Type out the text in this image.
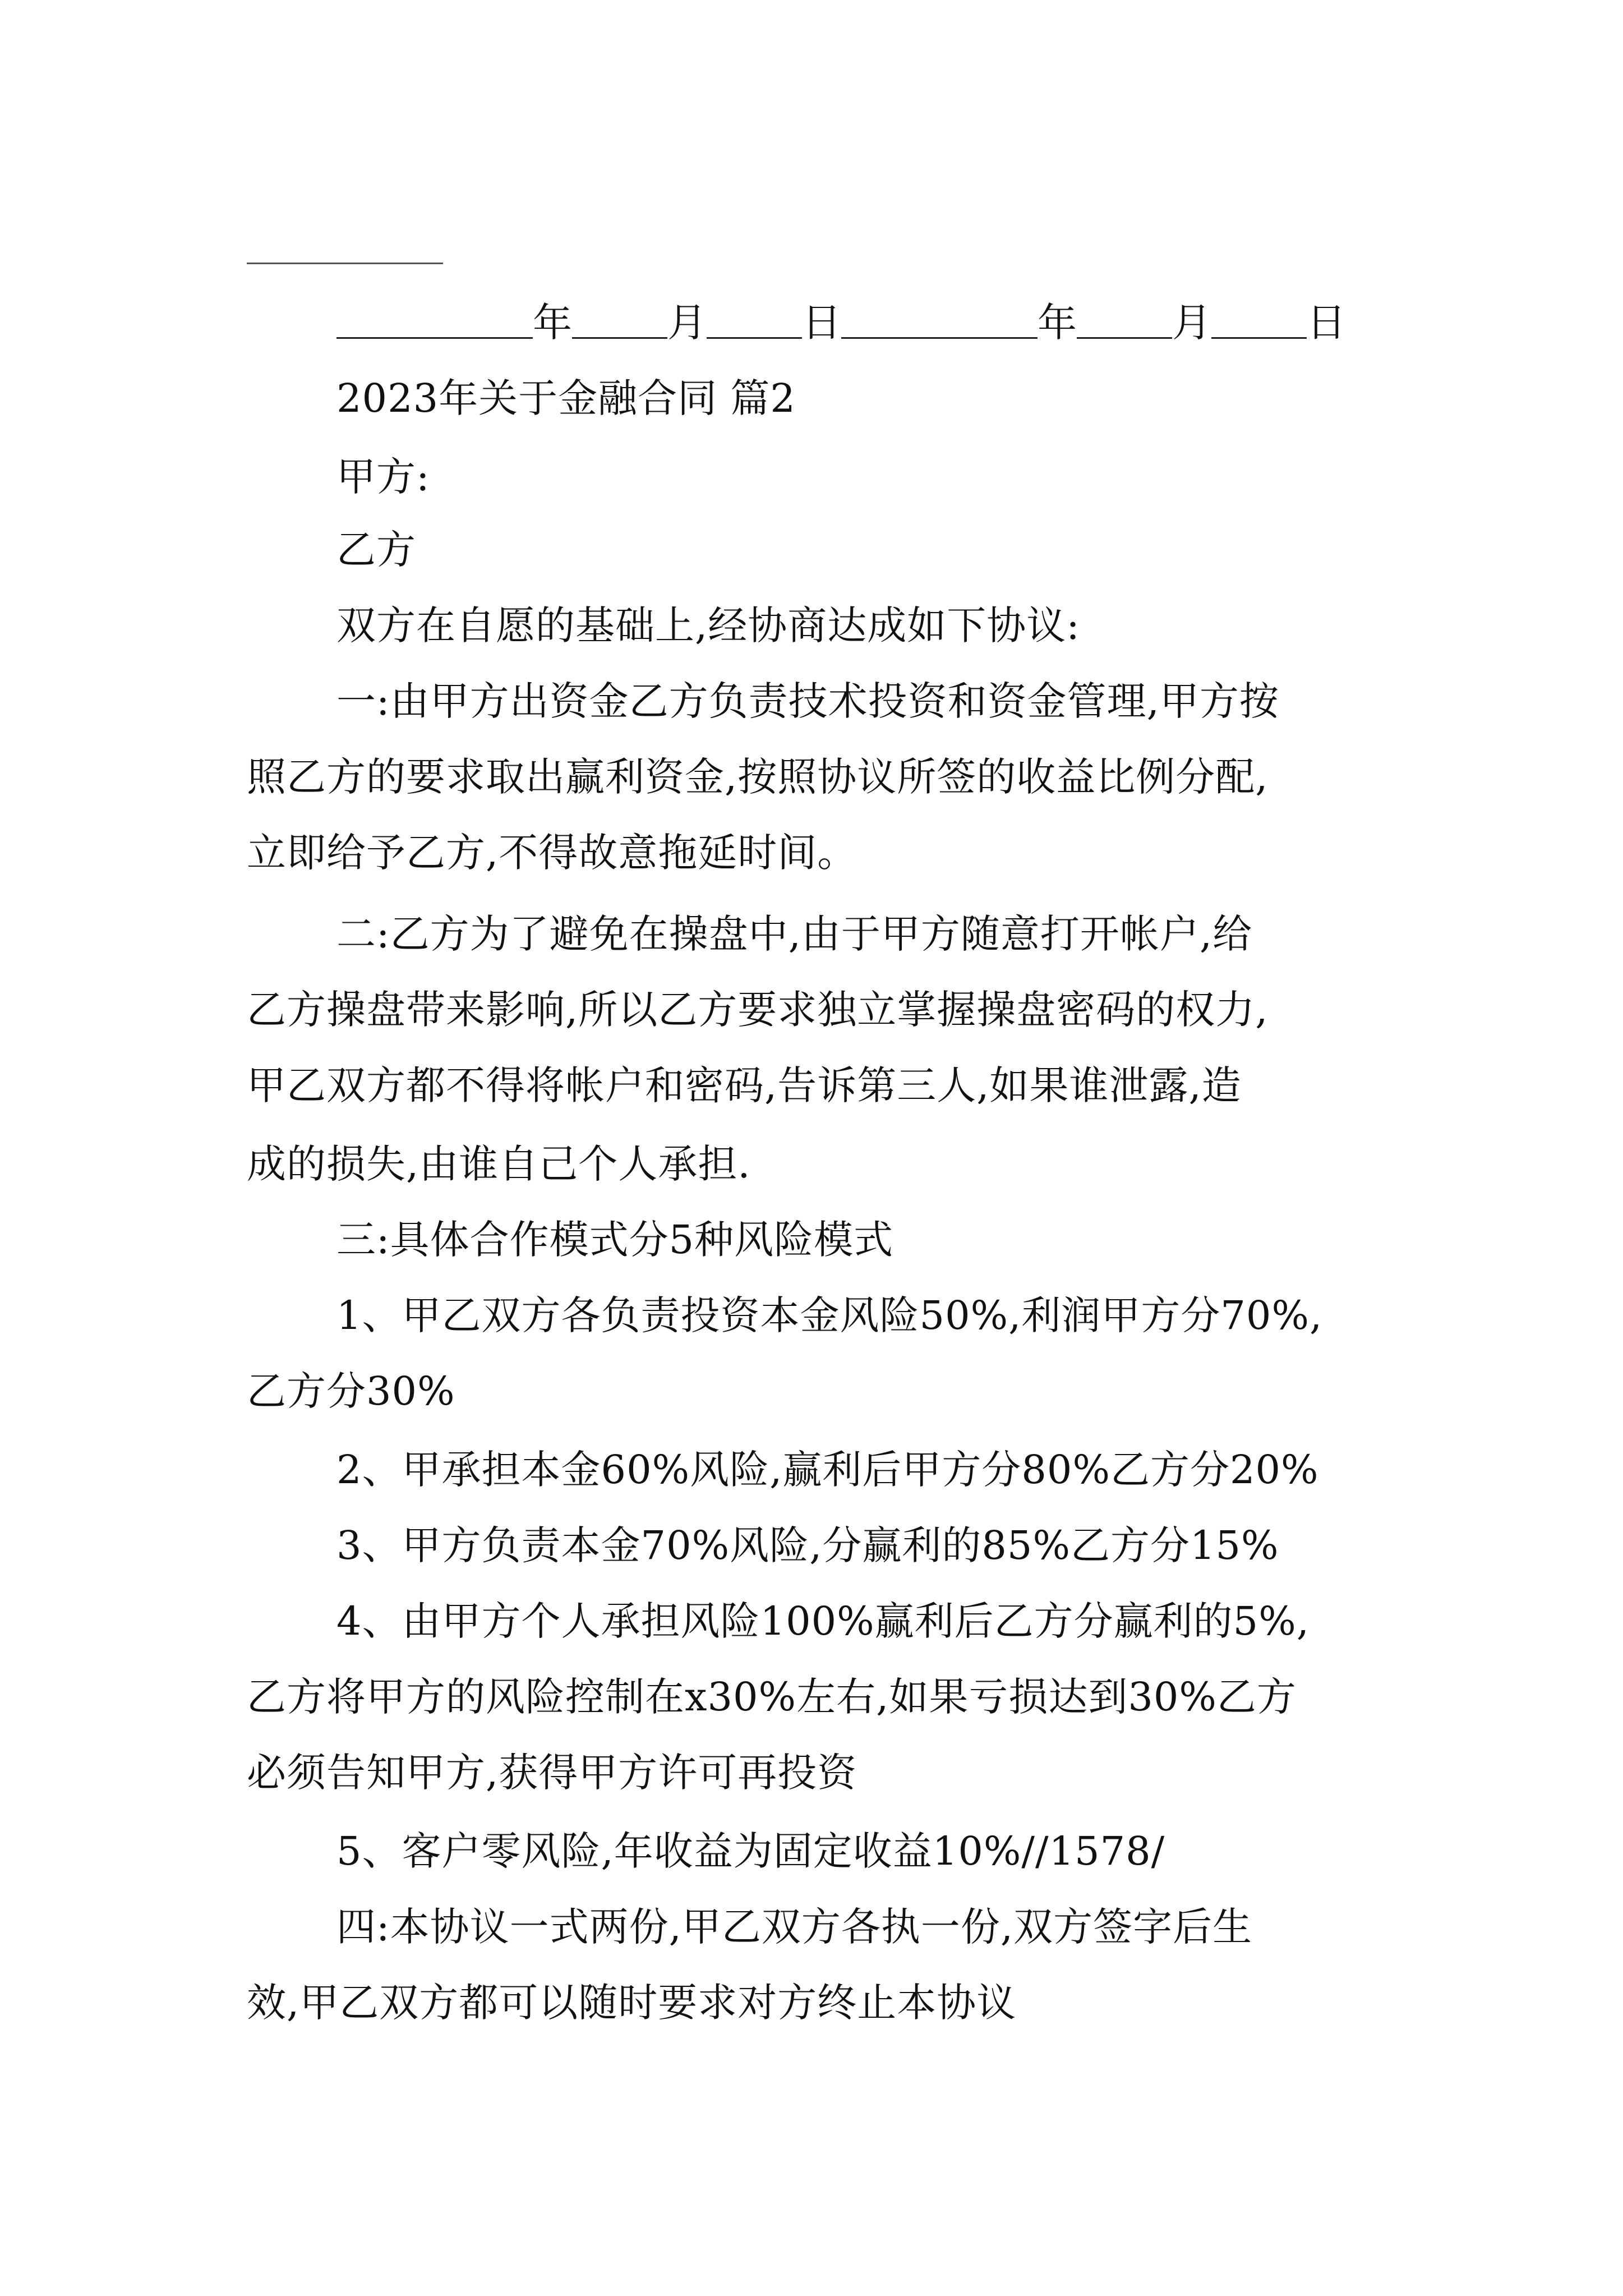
年 月 日	年 月 日
2023年关于金融合同 篇2
甲方:
乙方
双方在自愿的基础上,经协商达成如下协议:
一:由甲方出资金乙方负责技术投资和资金管理,甲方按
照乙方的要求取出赢利资金,按照协议所签的收益比例分配,
立即给予乙方,不得故意拖延时间。
二:乙方为了避免在操盘中,由于甲方随意打开帐户,给
乙方操盘带来影响,所以乙方要求独立掌握操盘密码的权力,
甲乙双方都不得将帐户和密码,告诉第三人,如果谁泄露,造
成的损失,由谁自己个人承担.
三:具体合作模式分5种风险模式
1、甲乙双方各负责投资本金风险50%,利润甲方分70%,
乙方分30%
2、甲承担本金60%风险,赢利后甲方分80%乙方分20%
3、甲方负责本金70%风险,分赢利的85%乙方分15%
4、由甲方个人承担风险100%赢利后乙方分赢利的5%,
乙方将甲方的风险控制在x30%左右,如果亏损达到30%乙方
必须告知甲方,获得甲方许可再投资
5、客户零风险,年收益为固定收益10%//1578/
四:本协议一式两份,甲乙双方各执一份,双方签字后生
效,甲乙双方都可以随时要求对方终止本协议
